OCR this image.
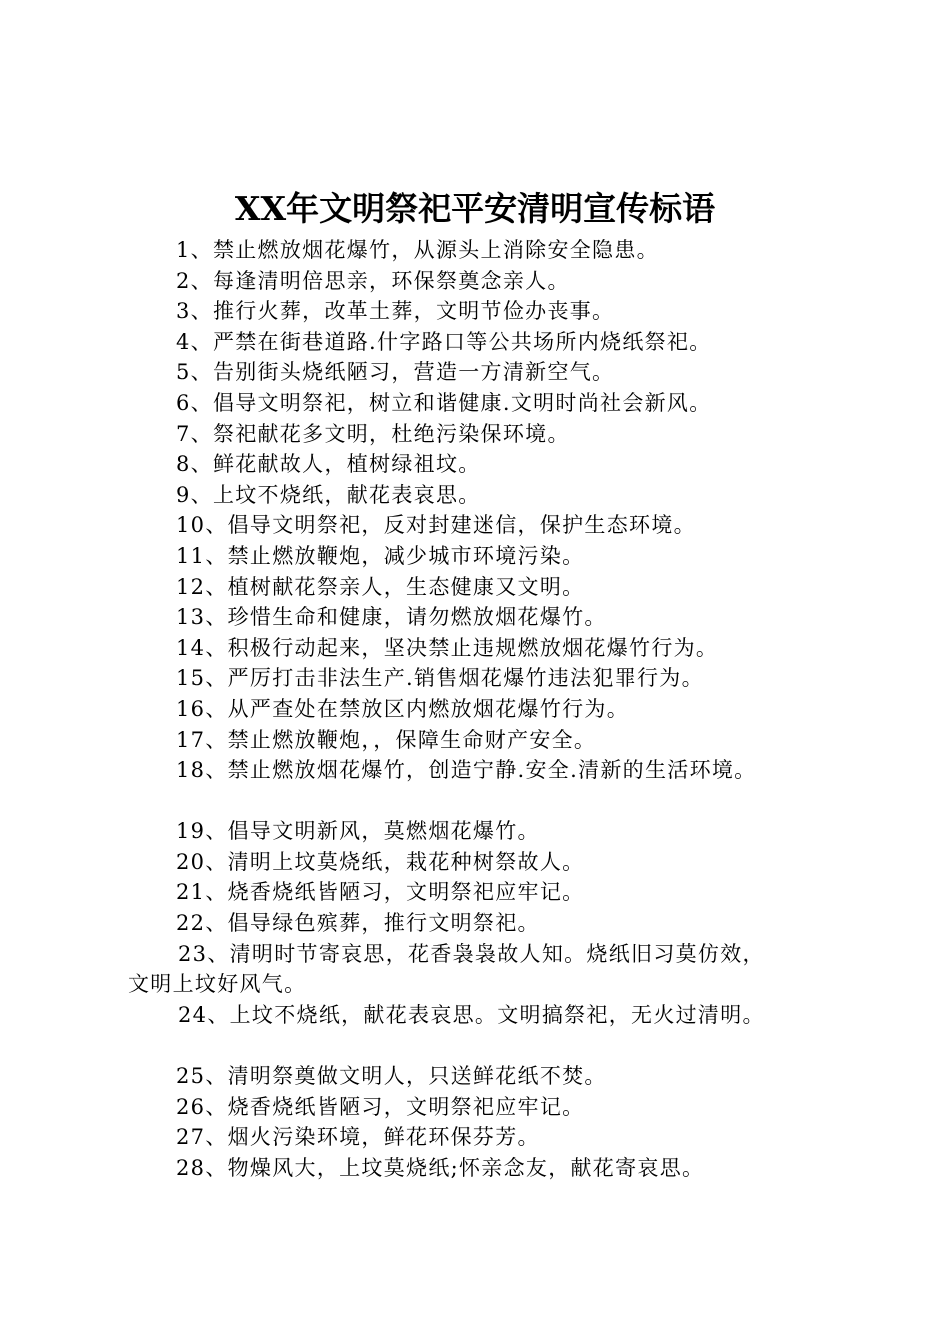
XX年文明祭祀平安清明宣传标语
1、禁止燃放烟花爆竹，从源头上消除安全隐患。
2、每逢清明倍思亲，环保祭奠念亲人。
3、推行火葬，改革土葬，文明节俭办丧事。
4、严禁在街巷道路.什字路口等公共场所内烧纸祭祀。
5、告别街头烧纸陋习，营造一方清新空气。
6、倡导文明祭祀，树立和谐健康.文明时尚社会新风。
7、祭祀献花多文明，杜绝污染保环境。
8、鲜花献故人，植树绿祖坟。
9、上坟不烧纸，献花表哀思。
10、倡导文明祭祀，反对封建迷信，保护生态环境。
11、禁止燃放鞭炮，减少城市环境污染。
12、植树献花祭亲人，生态健康又文明。
13、珍惜生命和健康，请勿燃放烟花爆竹。
14、积极行动起来，坚决禁止违规燃放烟花爆竹行为。
15、严厉打击非法生产.销售烟花爆竹违法犯罪行为。
16、从严查处在禁放区内燃放烟花爆竹行为。
17、禁止燃放鞭炮，，保障生命财产安全。
18、禁止燃放烟花爆竹，创造宁静.安全.清新的生活环境。
19、倡导文明新风，莫燃烟花爆竹。
20、清明上坟莫烧纸，栽花种树祭故人。
21、烧香烧纸皆陋习，文明祭祀应牢记。
22、倡导绿色殡葬，推行文明祭祀。
23、清明时节寄哀思，花香袅袅故人知。烧纸旧习莫仿效，
文明上坟好风气。
24、上坟不烧纸，献花表哀思。文明搞祭祀，无火过清明。
25、清明祭奠做文明人，只送鲜花纸不焚。
26、烧香烧纸皆陋习，文明祭祀应牢记。
27、烟火污染环境，鲜花环保芬芳。
28、物燥风大，上坟莫烧纸;怀亲念友，献花寄哀思。
